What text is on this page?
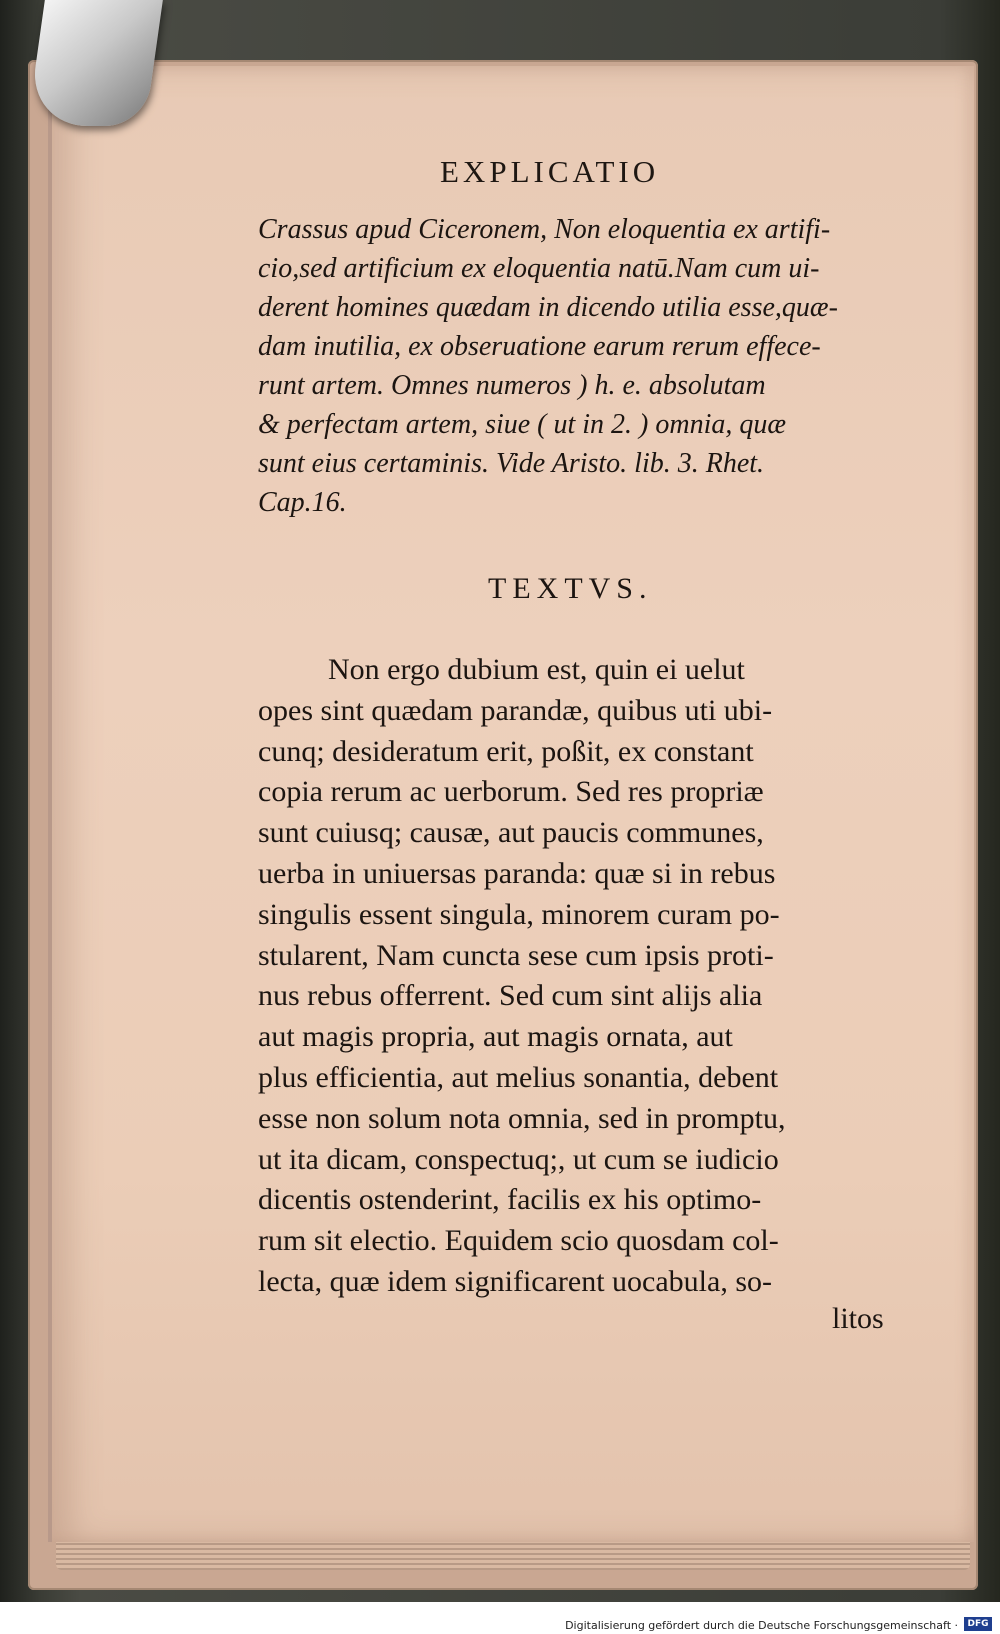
EXPLICATIO
Crassus apud Ciceronem, Non eloquentia ex artifi-
cio,sed artificium ex eloquentia natū.Nam cum ui-
derent homines quædam in dicendo utilia esse,quæ-
dam inutilia, ex obseruatione earum rerum effece-
runt artem. Omnes numeros ) h. e. absolutam
& perfectam artem, siue ( ut in 2. ) omnia, quæ
sunt eius certaminis. Vide Aristo. lib. 3. Rhet.
Cap.16.
TEXTVS.
Non ergo dubium est, quin ei uelut
opes sint quædam parandæ, quibus uti ubi-
cunq; desideratum erit, poßit, ex constant
copia rerum ac uerborum. Sed res propriæ
sunt cuiusq; causæ, aut paucis communes,
uerba in uniuersas paranda: quæ si in rebus
singulis essent singula, minorem curam po-
stularent, Nam cuncta sese cum ipsis proti-
nus rebus offerrent. Sed cum sint alijs alia
aut magis propria, aut magis ornata, aut
plus efficientia, aut melius sonantia, debent
esse non solum nota omnia, sed in promptu,
ut ita dicam, conspectuq;, ut cum se iudicio
dicentis ostenderint, facilis ex his optimo-
rum sit electio. Equidem scio quosdam col-
lecta, quæ idem significarent uocabula, so-
litos
Digitalisierung gefördert durch die Deutsche Forschungsgemeinschaft ·	DFG
